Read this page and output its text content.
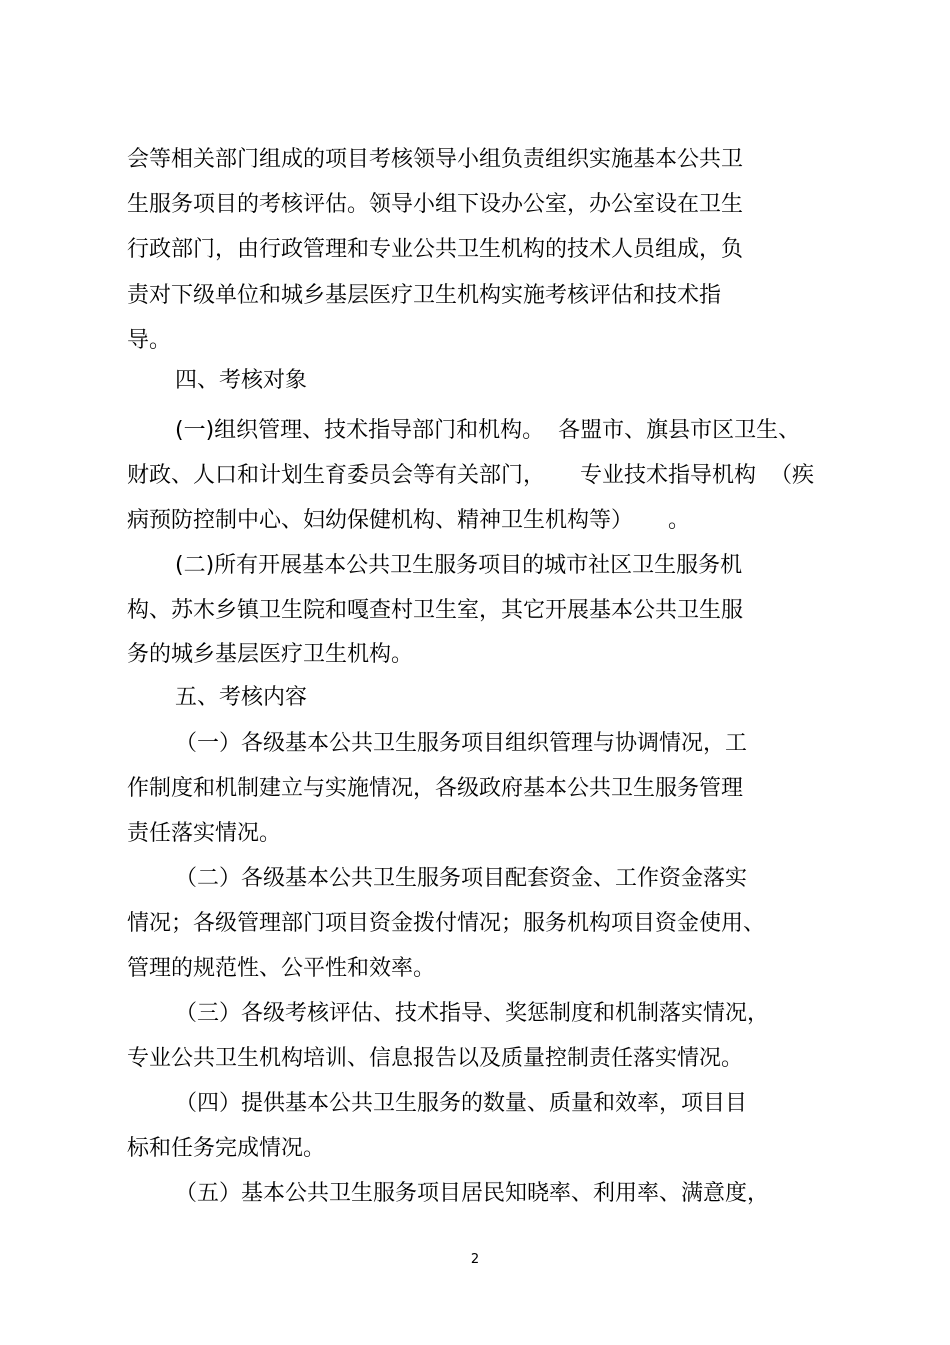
会等相关部门组成的项目考核领导小组负责组织实施基本公共卫
生服务项目的考核评估。领导小组下设办公室，办公室设在卫生
行政部门，由行政管理和专业公共卫生机构的技术人员组成，负
责对下级单位和城乡基层医疗卫生机构实施考核评估和技术指
导。
四、考核对象
(一)组织管理、技术指导部门和机构。  各盟市、旗县市区卫生、
财政、人口和计划生育委员会等有关部门，     专业技术指导机构  （疾
病预防控制中心、妇幼保健机构、精神卫生机构等）     。
(二)所有开展基本公共卫生服务项目的城市社区卫生服务机
构、苏木乡镇卫生院和嘎查村卫生室，其它开展基本公共卫生服
务的城乡基层医疗卫生机构。
五、考核内容
（一）各级基本公共卫生服务项目组织管理与协调情况，工
作制度和机制建立与实施情况，各级政府基本公共卫生服务管理
责任落实情况。
（二）各级基本公共卫生服务项目配套资金、工作资金落实
情况；各级管理部门项目资金拨付情况；服务机构项目资金使用、
管理的规范性、公平性和效率。
（三）各级考核评估、技术指导、奖惩制度和机制落实情况，
专业公共卫生机构培训、信息报告以及质量控制责任落实情况。
（四）提供基本公共卫生服务的数量、质量和效率，项目目
标和任务完成情况。
（五）基本公共卫生服务项目居民知晓率、利用率、满意度，
2
